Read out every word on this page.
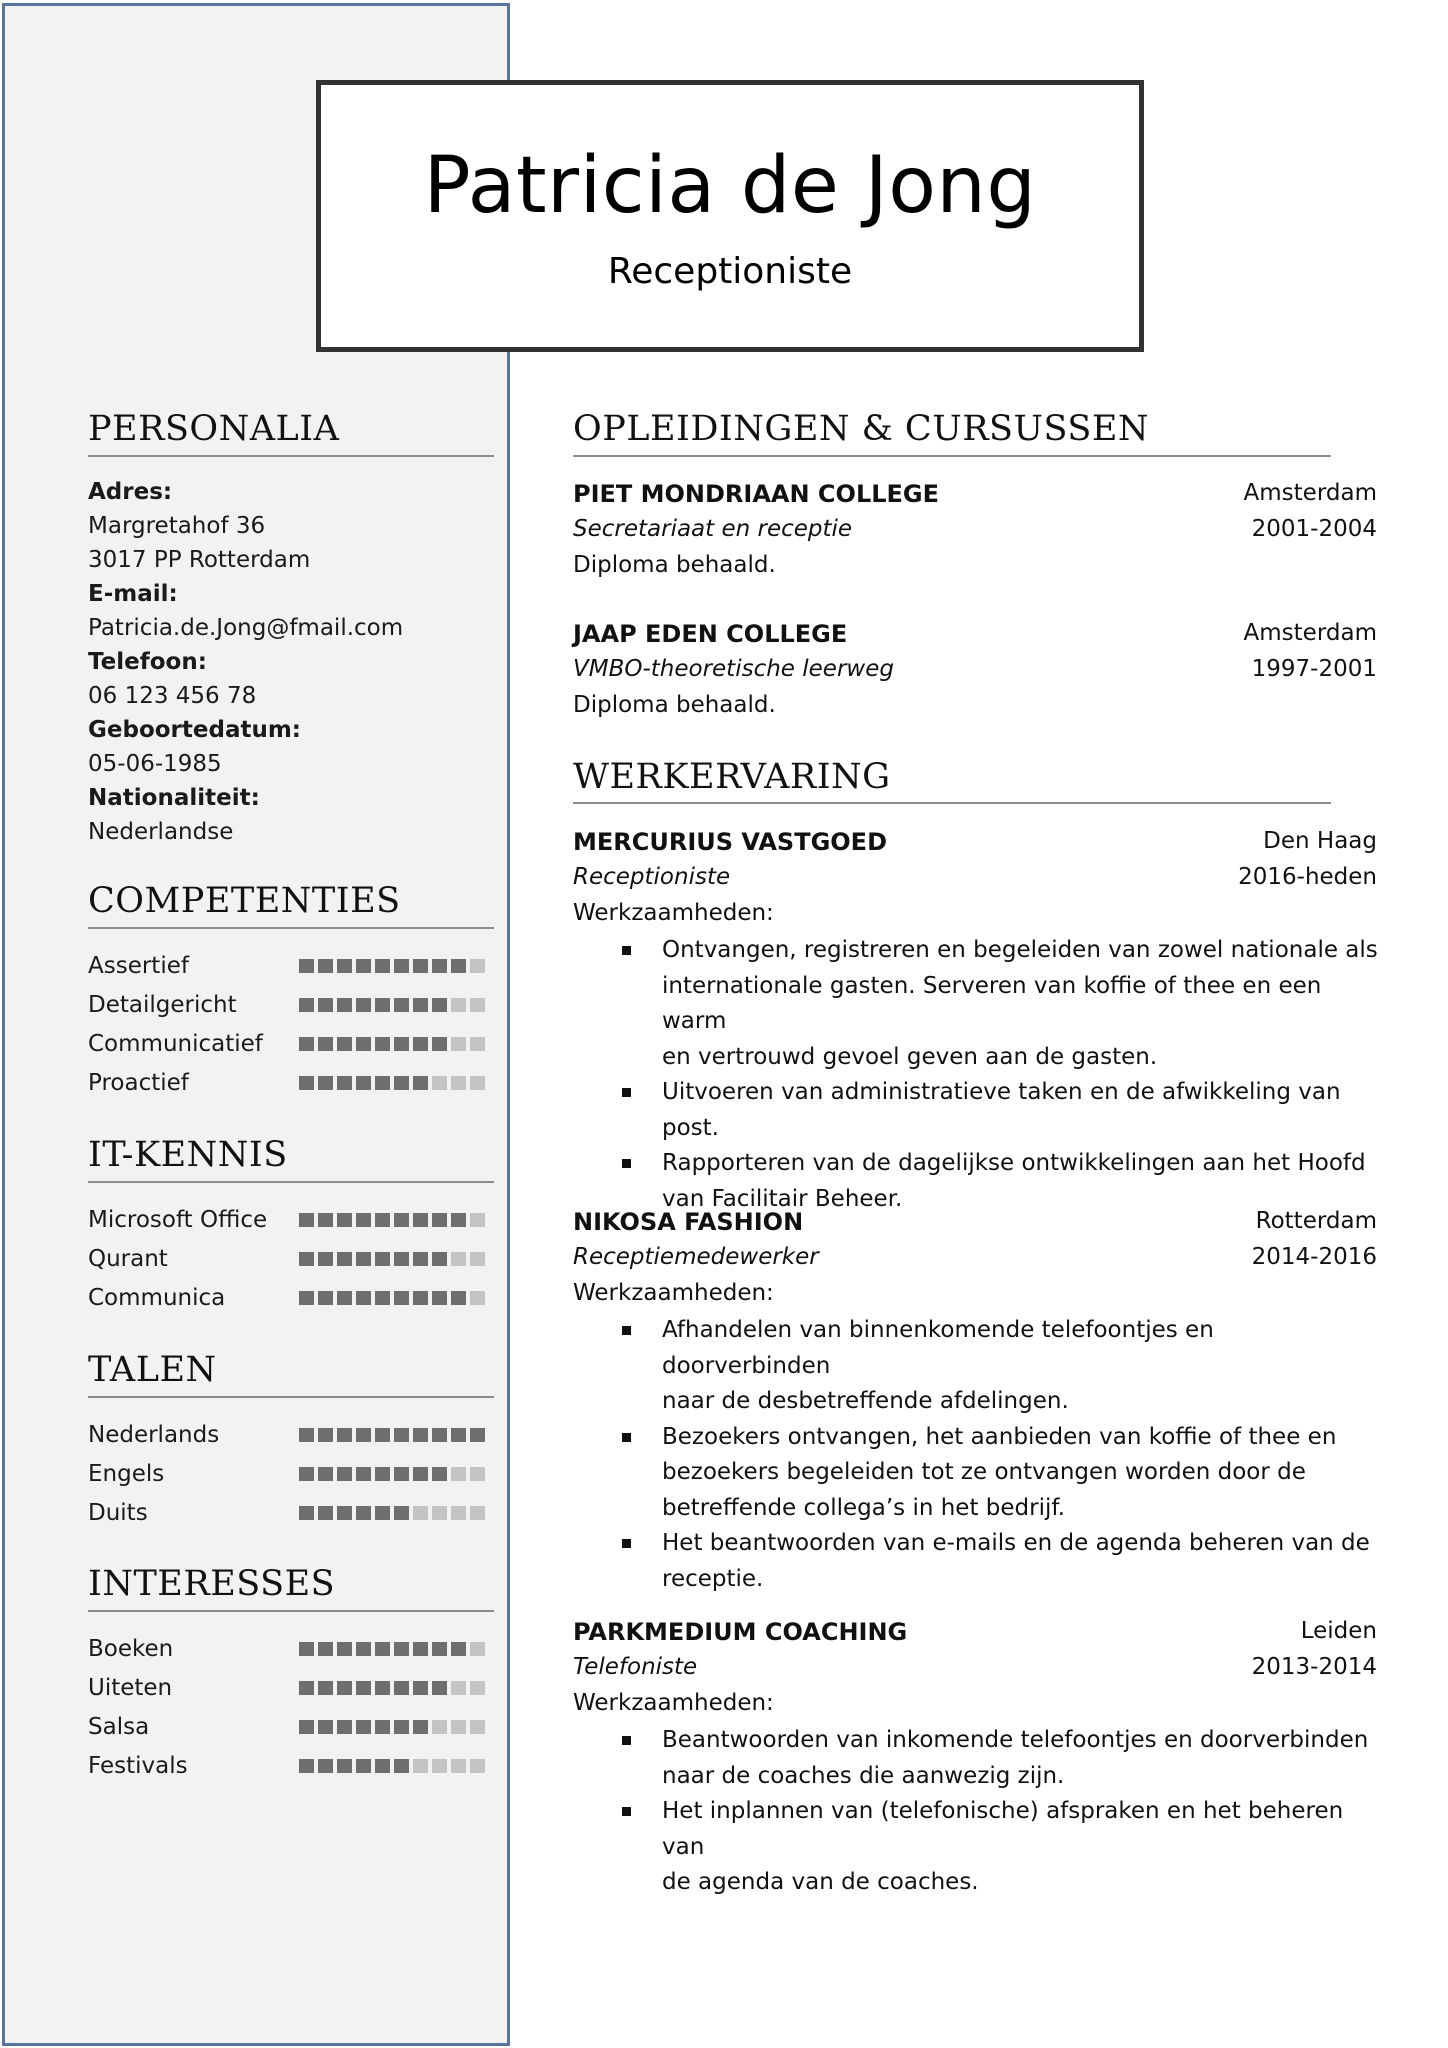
Patricia de Jong
Receptioniste
PERSONALIA
Adres:
Margretahof 36
3017 PP Rotterdam
E-mail:
Patricia.de.Jong@fmail.com
Telefoon:
06 123 456 78
Geboortedatum:
05-06-1985
Nationaliteit:
Nederlandse
COMPETENTIES
Assertief
Detailgericht
Communicatief
Proactief
IT-KENNIS
Microsoft Office
Qurant
Communica
TALEN
Nederlands
Engels
Duits
INTERESSES
Boeken
Uiteten
Salsa
Festivals
OPLEIDINGEN & CURSUSSEN
PIET MONDRIAAN COLLEGE	Amsterdam
Secretariaat en receptie	2001-2004
Diploma behaald.
JAAP EDEN COLLEGE	Amsterdam
VMBO-theoretische leerweg	1997-2001
Diploma behaald.
WERKERVARING
MERCURIUS VASTGOED	Den Haag
Receptioniste	2016-heden
Werkzaamheden:
Ontvangen, registreren en begeleiden van zowel nationale als
internationale gasten. Serveren van koffie of thee en een warm
en vertrouwd gevoel geven aan de gasten.
Uitvoeren van administratieve taken en de afwikkeling van post.
Rapporteren van de dagelijkse ontwikkelingen aan het Hoofd
van Facilitair Beheer.
NIKOSA FASHION	Rotterdam
Receptiemedewerker	2014-2016
Werkzaamheden:
Afhandelen van binnenkomende telefoontjes en doorverbinden
naar de desbetreffende afdelingen.
Bezoekers ontvangen, het aanbieden van koffie of thee en
bezoekers begeleiden tot ze ontvangen worden door de
betreffende collega’s in het bedrijf.
Het beantwoorden van e-mails en de agenda beheren van de
receptie.
PARKMEDIUM COACHING	Leiden
Telefoniste	2013-2014
Werkzaamheden:
Beantwoorden van inkomende telefoontjes en doorverbinden
naar de coaches die aanwezig zijn.
Het inplannen van (telefonische) afspraken en het beheren van
de agenda van de coaches.
